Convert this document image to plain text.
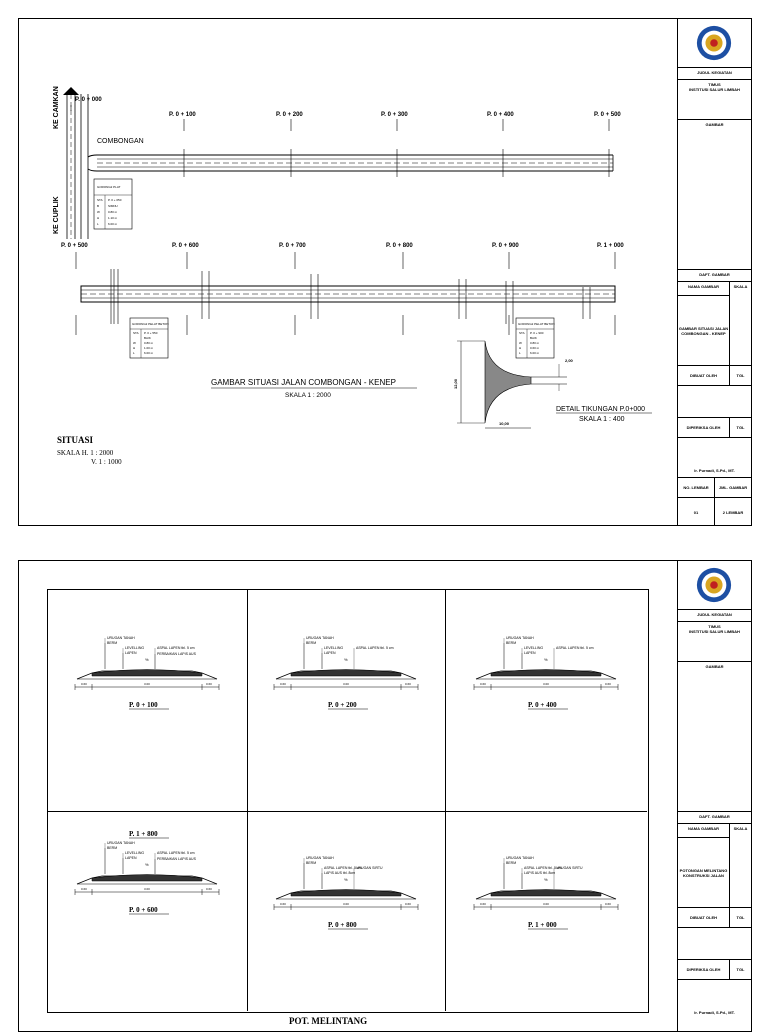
KE CAMKAN
KE CUPLIK
COMBONGAN
P. 0 + 000
P. 0 + 100	P. 0 + 200	P. 0 + 300	P. 0 + 400	P. 0 + 500
GORONG2 PLAT
STA P. 0 + 050
B	SIMNU
W	0.80 m
H	1.10 m
L	6.00 m
P. 0 + 500	P. 0 + 600	P. 0 + 700	P. 0 + 800	P. 0 + 900	P. 1 + 000
GORONG2 PELAT BETON
STA P. 0 + 550
BAIK
W	0.80 m
H	1.00 m
L	6.00 m
GORONG2 PELAT BETON
STA P. 0 + 900
BAIK
W	0.80 m
H	0.60 m
L	6.00 m
GAMBAR SITUASI JALAN COMBONGAN - KENEP
SKALA 1 : 2000
2,00
12,00
10,00
DETAIL TIKUNGAN P.0+000
SKALA 1 : 400
SITUASI
SKALA H. 1 : 2000
V. 1 : 1000
JUDUL KEGIATAN
TIMUS
INSTITUSI SALUR LIMBAH
GAMBAR
DAFT. GAMBAR
NAMA GAMBAR	SKALA
GAMBAR SITUASI JALAN COMBONGAN - KENEP
DIBUAT OLEH	TGL
DIPERIKSA OLEH	TGL
Ir. Purnadi, S.Pd., MT.
NO. LEMBAR	JML. GAMBAR
01	2 LEMBAR
0.60	3.00	0.60
%
URUGAN TANAH
BERM
LEVELLING
LAPEN
ASPAL LAPEN tbl. 5 cm
PERBAIKAN LAPIS AUS
P. 0 + 100
0.60	3.00	0.60
%
URUGAN TANAH
BERM
LEVELLING
LAPEN
ASPAL LAPEN tbl. 5 cm
P. 0 + 200
0.60	3.00	0.60
%
URUGAN TANAH
BERM
LEVELLING
LAPEN
ASPAL LAPEN tbl. 5 cm
P. 0 + 400
0.60	3.00	0.60
%
URUGAN TANAH
BERM
LEVELLING
LAPEN
ASPAL LAPEN tbl. 5 cm
PERBAIKAN LAPIS AUS
P. 0 + 600
P. 1 + 800
0.60	3.00	0.60
%
URUGAN TANAH
BERM
ASPAL LAPEN tbl. 5 cm
LAPIS AUS tbl. 8cm
URUGAN SIRTU
P. 0 + 800
0.60	3.00	0.60
%
URUGAN TANAH
BERM
ASPAL LAPEN tbl. 5 cm
LAPIS AUS tbl. 8cm
URUGAN SIRTU
P. 1 + 000
POT. MELINTANG
JUDUL KEGIATAN
TIMUS
INSTITUSI SALUR LIMBAH
GAMBAR
DAFT. GAMBAR
NAMA GAMBAR	SKALA
POTONGAN MELINTANG KONSTRUKSI JALAN
DIBUAT OLEH	TGL
DIPERIKSA OLEH	TGL
Ir. Purnadi, S.Pd., MT.
